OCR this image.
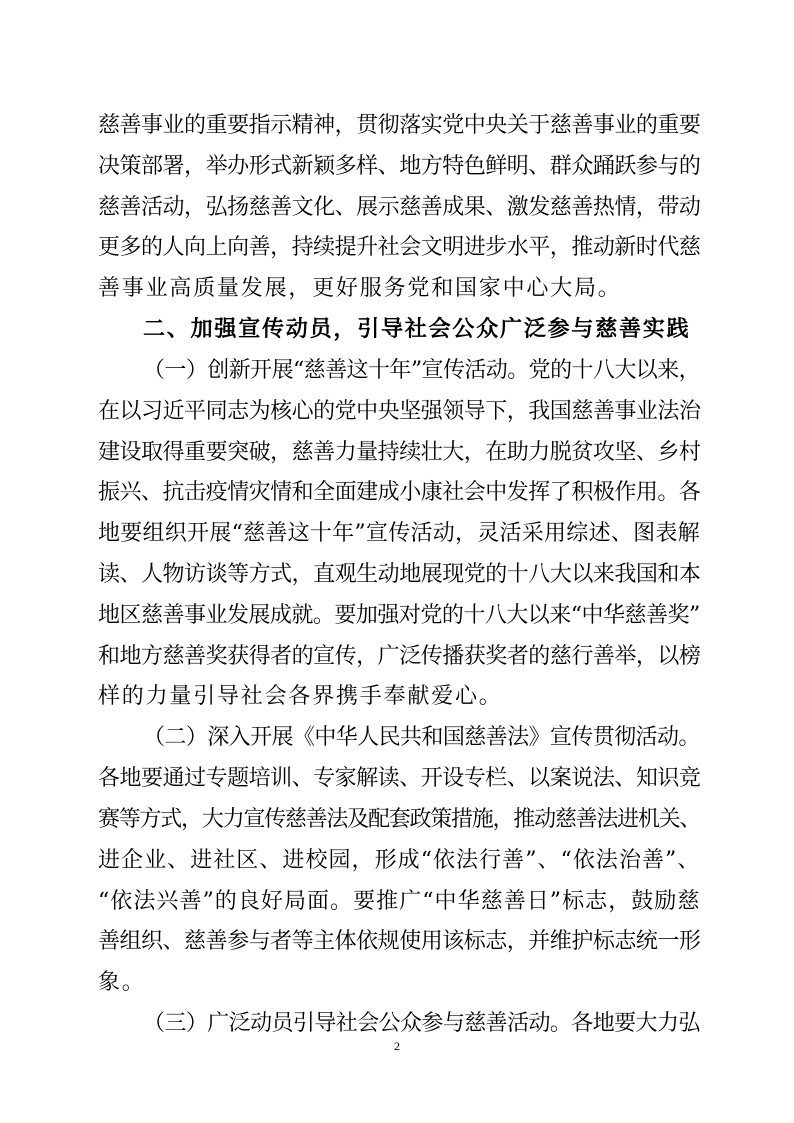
慈善事业的重要指示精神，贯彻落实党中央关于慈善事业的重要
决策部署，举办形式新颖多样、地方特色鲜明、群众踊跃参与的
慈善活动，弘扬慈善文化、展示慈善成果、激发慈善热情，带动
更多的人向上向善，持续提升社会文明进步水平，推动新时代慈
善事业高质量发展，更好服务党和国家中心大局。
二、加强宣传动员，引导社会公众广泛参与慈善实践
（一）创新开展“慈善这十年”宣传活动。党的十八大以来，
在以习近平同志为核心的党中央坚强领导下，我国慈善事业法治
建设取得重要突破，慈善力量持续壮大，在助力脱贫攻坚、乡村
振兴、抗击疫情灾情和全面建成小康社会中发挥了积极作用。各
地要组织开展“慈善这十年”宣传活动，灵活采用综述、图表解
读、人物访谈等方式，直观生动地展现党的十八大以来我国和本
地区慈善事业发展成就。要加强对党的十八大以来“中华慈善奖”
和地方慈善奖获得者的宣传，广泛传播获奖者的慈行善举，以榜
样的力量引导社会各界携手奉献爱心。
（二）深入开展《中华人民共和国慈善法》宣传贯彻活动。
各地要通过专题培训、专家解读、开设专栏、以案说法、知识竞
赛等方式，大力宣传慈善法及配套政策措施，推动慈善法进机关、
进企业、进社区、进校园，形成“依法行善”、“依法治善”、
“依法兴善”的良好局面。要推广“中华慈善日”标志，鼓励慈
善组织、慈善参与者等主体依规使用该标志，并维护标志统一形
象。
（三）广泛动员引导社会公众参与慈善活动。各地要大力弘
2
